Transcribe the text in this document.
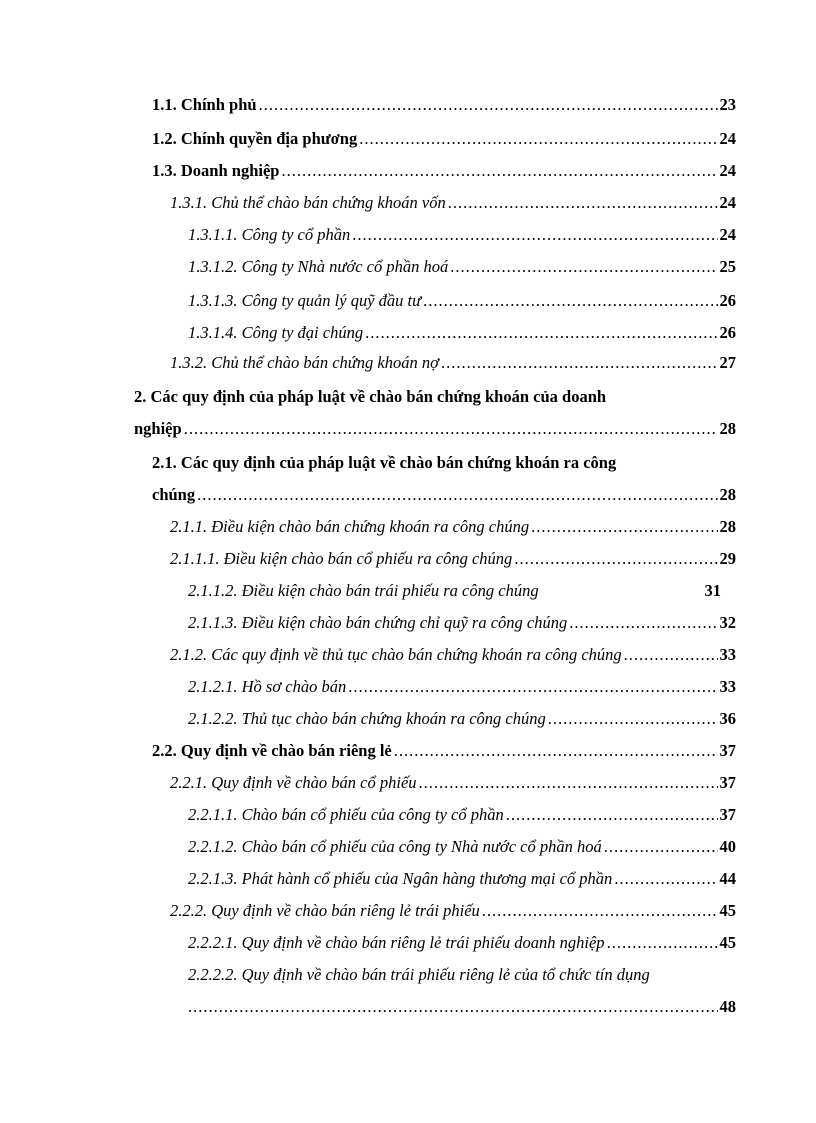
1.1. Chính phủ .....	23
1.2. Chính quyền địa phương .....	24
1.3. Doanh nghiệp .....	24
1.3.1. Chủ thể chào bán chứng khoán vốn .....	24
1.3.1.1. Công ty cổ phần .....	24
1.3.1.2. Công ty Nhà nước cổ phần hoá .....	25
1.3.1.3. Công ty quản lý quỹ đầu tư .....	26
1.3.1.4. Công ty đại chúng .....	26
1.3.2. Chủ thể chào bán chứng khoán nợ .....	27
2. Các quy định của pháp luật về chào bán chứng khoán của doanh
nghiệp .....	28
2.1. Các quy định của pháp luật về chào bán chứng khoán ra công
chúng .....	28
2.1.1. Điều kiện chào bán chứng khoán ra công chúng .....	28
2.1.1.1. Điều kiện chào bán cổ phiếu ra công chúng .....	29
2.1.1.2. Điều kiện chào bán trái phiếu ra công chúng	31
2.1.1.3. Điều kiện chào bán chứng chỉ quỹ ra công chúng .....	32
2.1.2. Các quy định về thủ tục chào bán chứng khoán ra công chúng .....	33
2.1.2.1. Hồ sơ chào bán .....	33
2.1.2.2. Thủ tục chào bán chứng khoán ra công chúng .....	36
2.2. Quy định về chào bán riêng lẻ .....	37
2.2.1. Quy định về chào bán cổ phiếu .....	37
2.2.1.1. Chào bán cổ phiếu của công ty cổ phần .....	37
2.2.1.2. Chào bán cổ phiếu của công ty Nhà nước cổ phần hoá .....	40
2.2.1.3. Phát hành cổ phiếu của Ngân hàng thương mại cổ phần .....	44
2.2.2. Quy định về chào bán riêng lẻ trái phiếu .....	45
2.2.2.1. Quy định về chào bán riêng lẻ trái phiếu doanh nghiệp .....	45
2.2.2.2. Quy định về chào bán trái phiếu riêng lẻ của tổ chức tín dụng
.....
48
